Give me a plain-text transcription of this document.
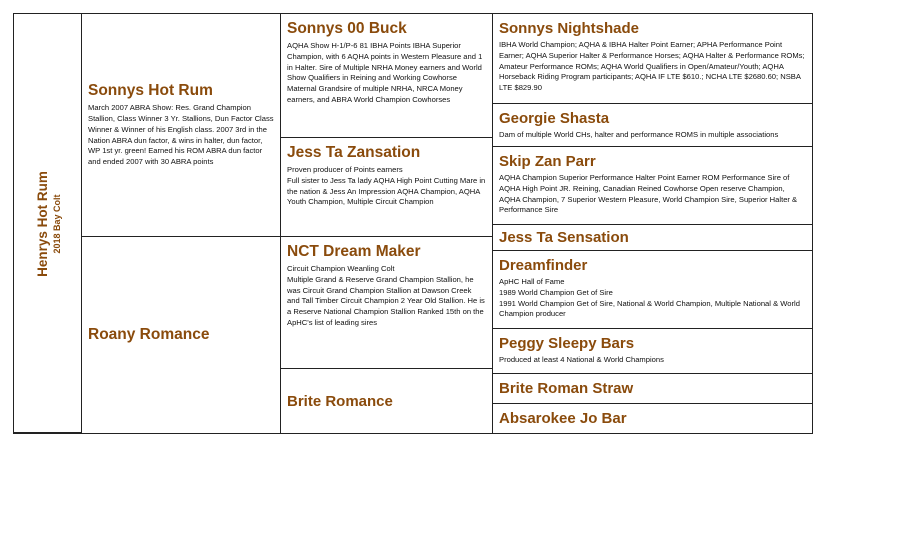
Henrys Hot Rum 2018 Bay Colt
Sonnys Hot Rum
March 2007 ABRA Show: Res. Grand Champion Stallion, Class Winner 3 Yr. Stallions, Dun Factor Class Winner & Winner of his English class. 2007 3rd in the Nation ABRA dun factor, & wins in halter, dun factor, WP 1st yr. green! Earned his ROM ABRA dun factor and ended 2007 with 30 ABRA points
Roany Romance
Sonnys 00 Buck
AQHA Show H-1/P-6 81 IBHA Points IBHA Superior Champion, with 6 AQHA points in Western Pleasure and 1 in Halter. Sire of Multiple NRHA Money earners and World Show Qualifiers in Reining and Working Cowhorse Maternal Grandsire of multiple NRHA, NRCA Money earners, and ABRA World Champion Cowhorses
Jess Ta Zansation
Proven producer of Points earners
Full sister to Jess Ta lady AQHA High Point Cutting Mare in the nation & Jess An Impression AQHA Champion, AQHA Youth Champion, Multiple Circuit Champion
NCT Dream Maker
Circuit Champion Weanling Colt
Multiple Grand & Reserve Grand Champion Stallion, he was Circuit Grand Champion Stallion at Dawson Creek and Tall Timber Circuit Champion 2 Year Old Stallion. He is a Reserve National Champion Stallion Ranked 15th on the ApHC's list of leading sires
Brite Romance
Sonnys Nightshade
IBHA World Champion; AQHA & IBHA Halter Point Earner; APHA Performance Point Earner; AQHA Superior Halter & Performance Horses; AQHA Halter & Performance ROMs; Amateur Performance ROMs; AQHA World Qualifiers in Open/Amateur/Youth; AQHA Horseback Riding Program participants; AQHA IF LTE $610.; NCHA LTE $2680.60; NSBA LTE $829.90
Georgie Shasta
Dam of multiple World CHs, halter and performance ROMS in multiple associations
Skip Zan Parr
AQHA Champion Superior Performance Halter Point Earner ROM Performance Sire of AQHA High Point JR. Reining, Canadian Reined Cowhorse Open reserve Champion, AQHA Champion, 7 Superior Western Pleasure, World Champion Sire, Superior Halter & Performance Sire
Jess Ta Sensation
Dreamfinder
ApHC Hall of Fame
1989 World Champion Get of Sire
1991 World Champion Get of Sire, National & World Champion, Multiple National & World Champion producer
Peggy Sleepy Bars
Produced at least 4 National & World Champions
Brite Roman Straw
Absarokee Jo Bar
